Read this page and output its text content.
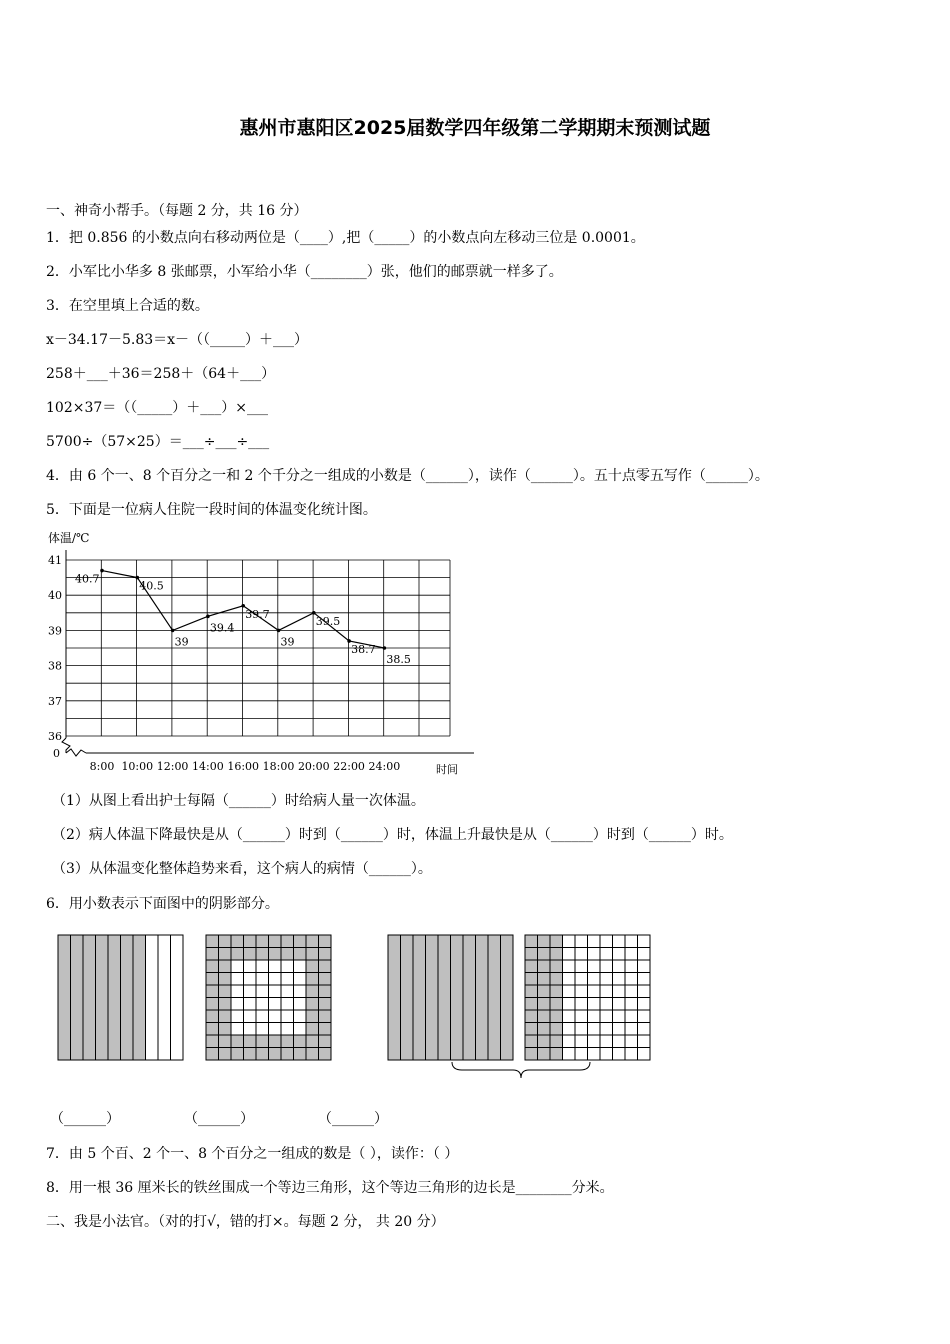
惠州市惠阳区2025届数学四年级第二学期期末预测试题
一、神奇小帮手。（每题 2 分，共 16 分）
1．把 0.856 的小数点向右移动两位是（____）,把（_____）的小数点向左移动三位是 0.0001。
2．小军比小华多 8 张邮票，小军给小华（________）张，他们的邮票就一样多了。
3．在空里填上合适的数。
x－34.17－5.83＝x－（（_____）＋___）
258＋___＋36＝258＋（64＋___）
102×37＝（（_____）＋___）×___
5700÷（57×25）＝___÷___÷___
4．由 6 个一、8 个百分之一和 2 个千分之一组成的小数是（______），读作（______）。五十点零五写作（______）。
5．下面是一位病人住院一段时间的体温变化统计图。
体温/℃
时间
36
37
38
39
40
41
0
8:00 10:00 12:00 14:00 16:00 18:00 20:00 22:00 24:00
40.7
40.5
39
39.4
39.7
39
39.5
38.7
38.5
（1）从图上看出护士每隔（______）时给病人量一次体温。
（2）病人体温下降最快是从（______）时到（______）时，体温上升最快是从（______）时到（______）时。
（3）从体温变化整体趋势来看，这个病人的病情（______）。
6．用小数表示下面图中的阴影部分。
（______）	（______）	（______）
7．由 5 个百、2 个一、8 个百分之一组成的数是（ ），读作：（ ）
8．用一根 36 厘米长的铁丝围成一个等边三角形，这个等边三角形的边长是________分米。
二、我是小法官。（对的打√，错的打×。每题 2 分， 共 20 分）
